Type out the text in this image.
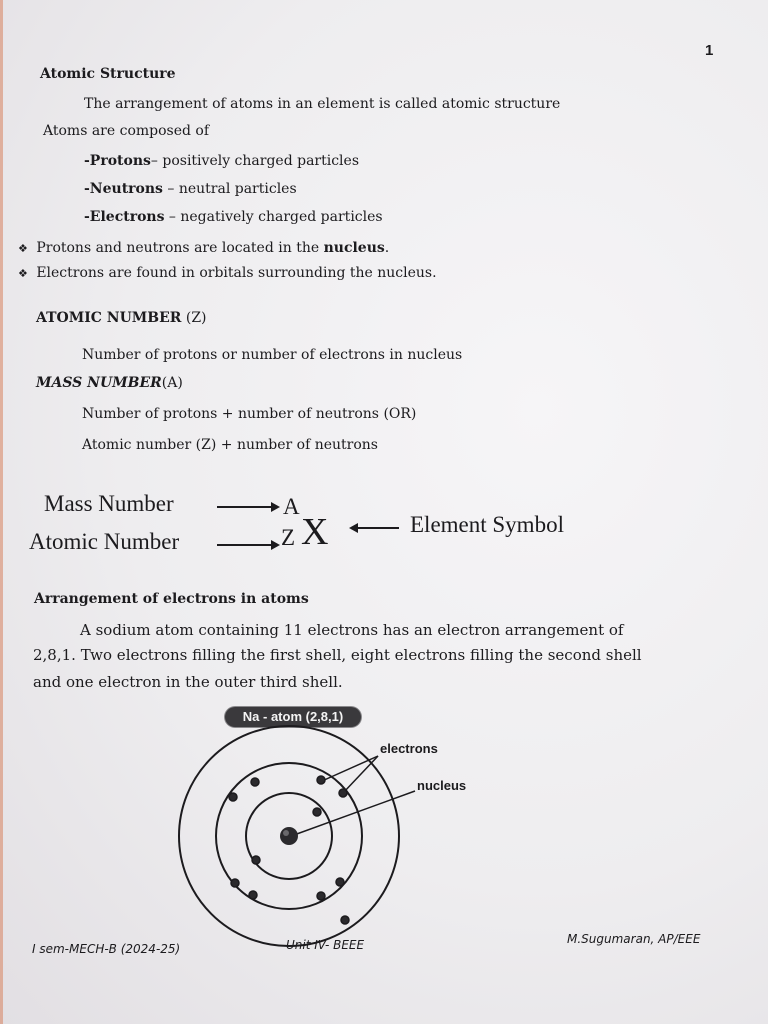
1
Atomic Structure
The arrangement of atoms in an element is called atomic structure
Atoms are composed of
-Protons– positively charged particles
-Neutrons – neutral particles
-Electrons – negatively charged particles
❖ Protons and neutrons are located in the nucleus.
❖ Electrons are found in orbitals surrounding the nucleus.
ATOMIC NUMBER (Z)
Number of protons or number of electrons in nucleus
MASS NUMBER(A)
Number of protons + number of neutrons (OR)
Atomic number (Z) + number of neutrons
Mass Number
Atomic Number
A
Z X	Element Symbol
Arrangement of electrons in atoms
A sodium atom containing 11 electrons has an electron arrangement of
2,8,1. Two electrons filling the first shell, eight electrons filling the second shell
and one electron in the outer third shell.
Na - atom (2,8,1)
electrons
nucleus
I sem-MECH-B (2024-25)	Unit IV- BEEE	M.Sugumaran, AP/EEE
